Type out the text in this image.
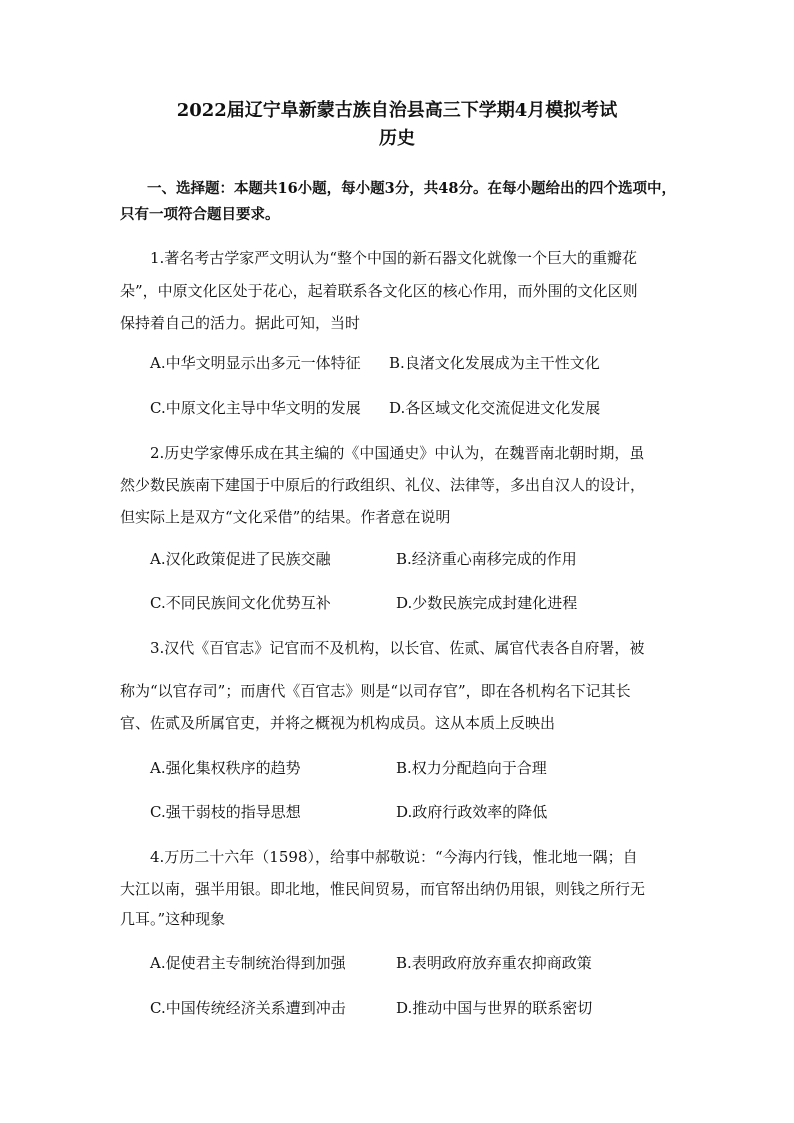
2022届辽宁阜新蒙古族自治县高三下学期4月模拟考试
历史
一、选择题：本题共16小题，每小题3分，共48分。在每小题给出的四个选项中，
只有一项符合题目要求。
1.著名考古学家严文明认为“整个中国的新石器文化就像一个巨大的重瓣花
朵”，中原文化区处于花心，起着联系各文化区的核心作用，而外围的文化区则
保持着自己的活力。据此可知，当时
A.中华文明显示出多元一体特征 B.良渚文化发展成为主干性文化
C.中原文化主导中华文明的发展 D.各区域文化交流促进文化发展
2.历史学家傅乐成在其主编的《中国通史》中认为，在魏晋南北朝时期，虽
然少数民族南下建国于中原后的行政组织、礼仪、法律等，多出自汉人的设计，
但实际上是双方“文化采借”的结果。作者意在说明
A.汉化政策促进了民族交融	B.经济重心南移完成的作用
C.不同民族间文化优势互补	D.少数民族完成封建化进程
3.汉代《百官志》记官而不及机构，以长官、佐贰、属官代表各自府署，被
称为“以官存司”；而唐代《百官志》则是“以司存官”，即在各机构名下记其长
官、佐贰及所属官吏，并将之概视为机构成员。这从本质上反映出
A.强化集权秩序的趋势	B.权力分配趋向于合理
C.强干弱枝的指导思想	D.政府行政效率的降低
4.万历二十六年（1598），给事中郝敬说：“今海内行钱，惟北地一隅；自
大江以南，强半用银。即北地，惟民间贸易，而官帑出纳仍用银，则钱之所行无
几耳。”这种现象
A.促使君主专制统治得到加强	B.表明政府放弃重农抑商政策
C.中国传统经济关系遭到冲击	D.推动中国与世界的联系密切
